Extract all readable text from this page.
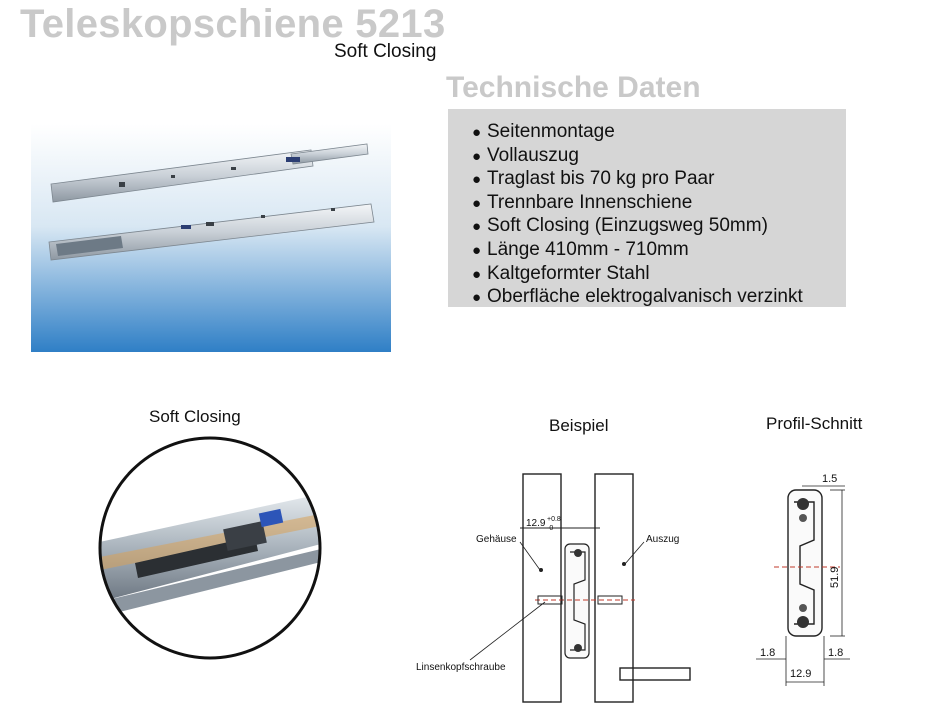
Teleskopschiene 5213
Soft Closing
Technische Daten
● Seitenmontage
● Vollauszug
● Traglast bis 70 kg pro Paar
● Trennbare Innenschiene
● Soft Closing (Einzugsweg 50mm)
● Länge 410mm - 710mm
● Kaltgeformter Stahl
● Oberfläche elektrogalvanisch verzinkt
Soft Closing	Beispiel	Profil-Schnitt
12.9 +0.8
-0
Gehäuse	Auszug
Linsenkopfschraube
1.5
51.9
1.8	1.8
12.9
